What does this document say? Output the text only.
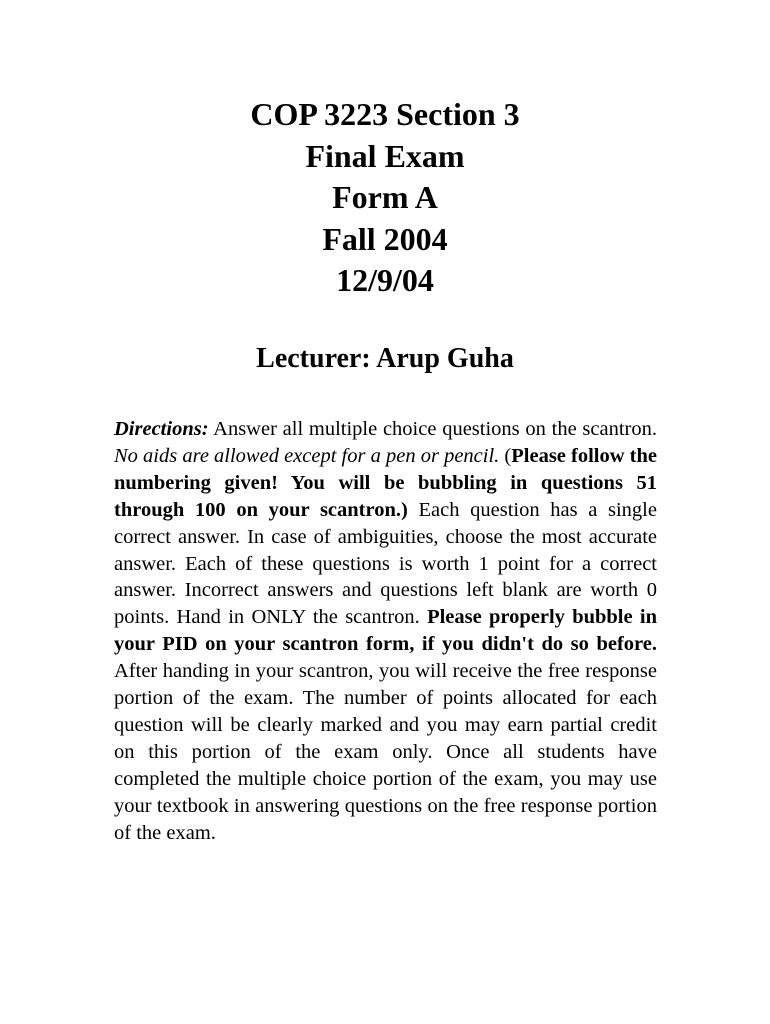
COP 3223 Section 3
Final Exam
Form A
Fall 2004
12/9/04
Lecturer: Arup Guha
Directions: Answer all multiple choice questions on the scantron. No aids are allowed except for a pen or pencil. (Please follow the numbering given! You will be bubbling in questions 51 through 100 on your scantron.) Each question has a single correct answer. In case of ambiguities, choose the most accurate answer. Each of these questions is worth 1 point for a correct answer. Incorrect answers and questions left blank are worth 0 points. Hand in ONLY the scantron. Please properly bubble in your PID on your scantron form, if you didn't do so before. After handing in your scantron, you will receive the free response portion of the exam. The number of points allocated for each question will be clearly marked and you may earn partial credit on this portion of the exam only. Once all students have completed the multiple choice portion of the exam, you may use your textbook in answering questions on the free response portion of the exam.
